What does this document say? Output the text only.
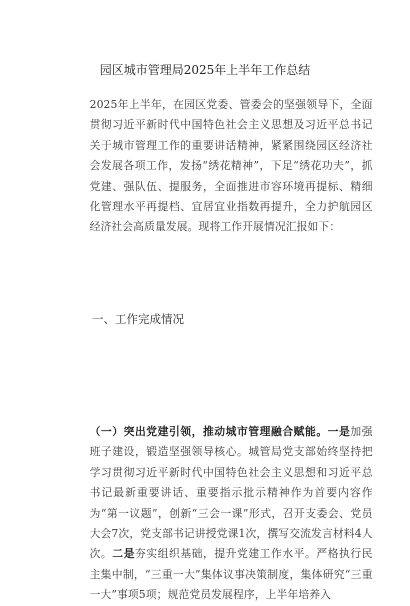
园区城市管理局2025年上半年工作总结

2025年上半年，在园区党委、管委会的坚强领导下，全面贯彻习近平新时代中国特色社会主义思想及习近平总书记关于城市管理工作的重要讲话精神，紧紧围绕园区经济社会发展各项工作，发扬“绣花精神”，下足“绣花功夫”，抓党建、强队伍、提服务，全面推进市容环境再提标、精细化管理水平再提档、宜居宜业指数再提升，全力护航园区经济社会高质量发展。现将工作开展情况汇报如下：

一、工作完成情况

（一）突出党建引领，推动城市管理融合赋能。一是加强班子建设，锻造坚强领导核心。城管局党支部始终坚持把学习贯彻习近平新时代中国特色社会主义思想和习近平总书记最新重要讲话、重要指示批示精神作为首要内容作为“第一议题”，创新“三会一课”形式，召开支委会、党员大会7次，党支部书记讲授党课1次，撰写交流发言材料4人次。二是夯实组织基础，提升党建工作水平。严格执行民主集中制，“三重一大”集体议事决策制度，集体研究“三重一大”事项5项；规范党员发展程序，上半年培养入
